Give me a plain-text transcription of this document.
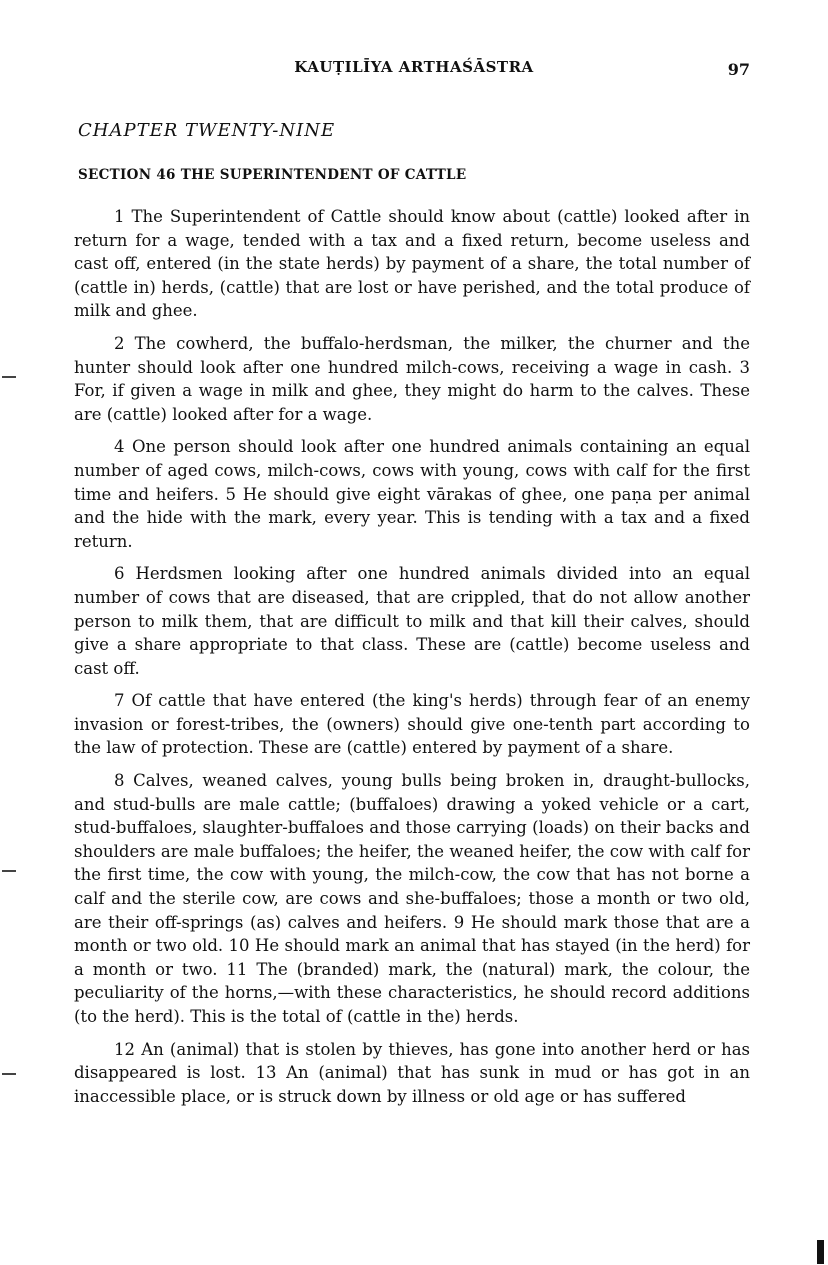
KAUṬILĪYA ARTHAŚĀSTRA	97
CHAPTER TWENTY-NINE
SECTION 46 THE SUPERINTENDENT OF CATTLE

1 The Superintendent of Cattle should know about (cattle) looked after in return for a wage, tended with a tax and a fixed return, become useless and cast off, entered (in the state herds) by payment of a share, the total number of (cattle in) herds, (cattle) that are lost or have perished, and the total produce of milk and ghee.

2 The cowherd, the buffalo-herdsman, the milker, the churner and the hunter should look after one hundred milch-cows, receiving a wage in cash. 3 For, if given a wage in milk and ghee, they might do harm to the calves. These are (cattle) looked after for a wage.

4 One person should look after one hundred animals containing an equal number of aged cows, milch-cows, cows with young, cows with calf for the first time and heifers. 5 He should give eight vārakas of ghee, one paṇa per animal and the hide with the mark, every year. This is tending with a tax and a fixed return.

6 Herdsmen looking after one hundred animals divided into an equal number of cows that are diseased, that are crippled, that do not allow another person to milk them, that are difficult to milk and that kill their calves, should give a share appropriate to that class. These are (cattle) become useless and cast off.

7 Of cattle that have entered (the king's herds) through fear of an enemy invasion or forest-tribes, the (owners) should give one-tenth part according to the law of protection. These are (cattle) entered by payment of a share.

8 Calves, weaned calves, young bulls being broken in, draught-bullocks, and stud-bulls are male cattle; (buffaloes) drawing a yoked vehicle or a cart, stud-buffaloes, slaughter-buffaloes and those carrying (loads) on their backs and shoulders are male buffaloes; the heifer, the weaned heifer, the cow with calf for the first time, the cow with young, the milch-cow, the cow that has not borne a calf and the sterile cow, are cows and she-buffaloes; those a month or two old, are their off-springs (as) calves and heifers. 9 He should mark those that are a month or two old. 10 He should mark an animal that has stayed (in the herd) for a month or two. 11 The (branded) mark, the (natural) mark, the colour, the peculiarity of the horns,—with these characteristics, he should record additions (to the herd). This is the total of (cattle in the) herds.

12 An (animal) that is stolen by thieves, has gone into another herd or has disappeared is lost. 13 An (animal) that has sunk in mud or has got in an inaccessible place, or is struck down by illness or old age or has suffered
